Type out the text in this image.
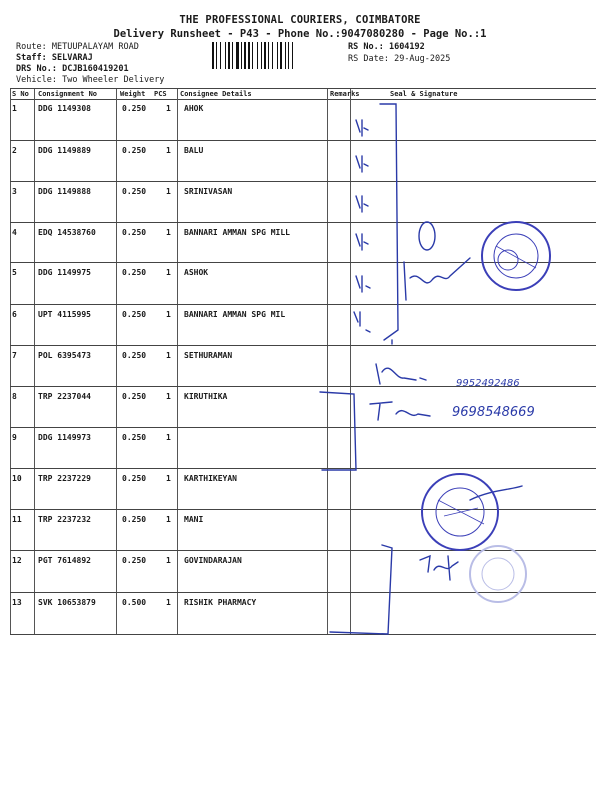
THE PROFESSIONAL COURIERS, COIMBATORE
Delivery Runsheet - P43 - Phone No.:9047080280 - Page No.:1
Route: METUUPALAYAM ROAD
Staff: SELVARAJ
DRS No.: DCJB160419201
Vehicle: Two Wheeler Delivery
RS No.: 1604192
RS Date: 29-Aug-2025
S No Consignment No	Weight PCS Consignee Details	Remarks	Seal & Signature
1	DDG 1149308	0.250 1 AHOK
2	DDG 1149889	0.250 1 BALU
3	DDG 1149888	0.250 1 SRINIVASAN
4	EDQ 14538760	0.250 1 BANNARI AMMAN SPG MILL
5	DDG 1149975	0.250 1 ASHOK
6	UPT 4115995	0.250 1 BANNARI AMMAN SPG MIL
7	POL 6395473	0.250 1 SETHURAMAN
8	TRP 2237044	0.250 1 KIRUTHIKA
9	DDG 1149973	0.250 1
10 TRP 2237229	0.250 1 KARTHIKEYAN
11 TRP 2237232	0.250 1 MANI
12 PGT 7614892	0.250 1 GOVINDARAJAN
13 SVK 10653879	0.500 1 RISHIK PHARMACY
9952492486
9698548669
